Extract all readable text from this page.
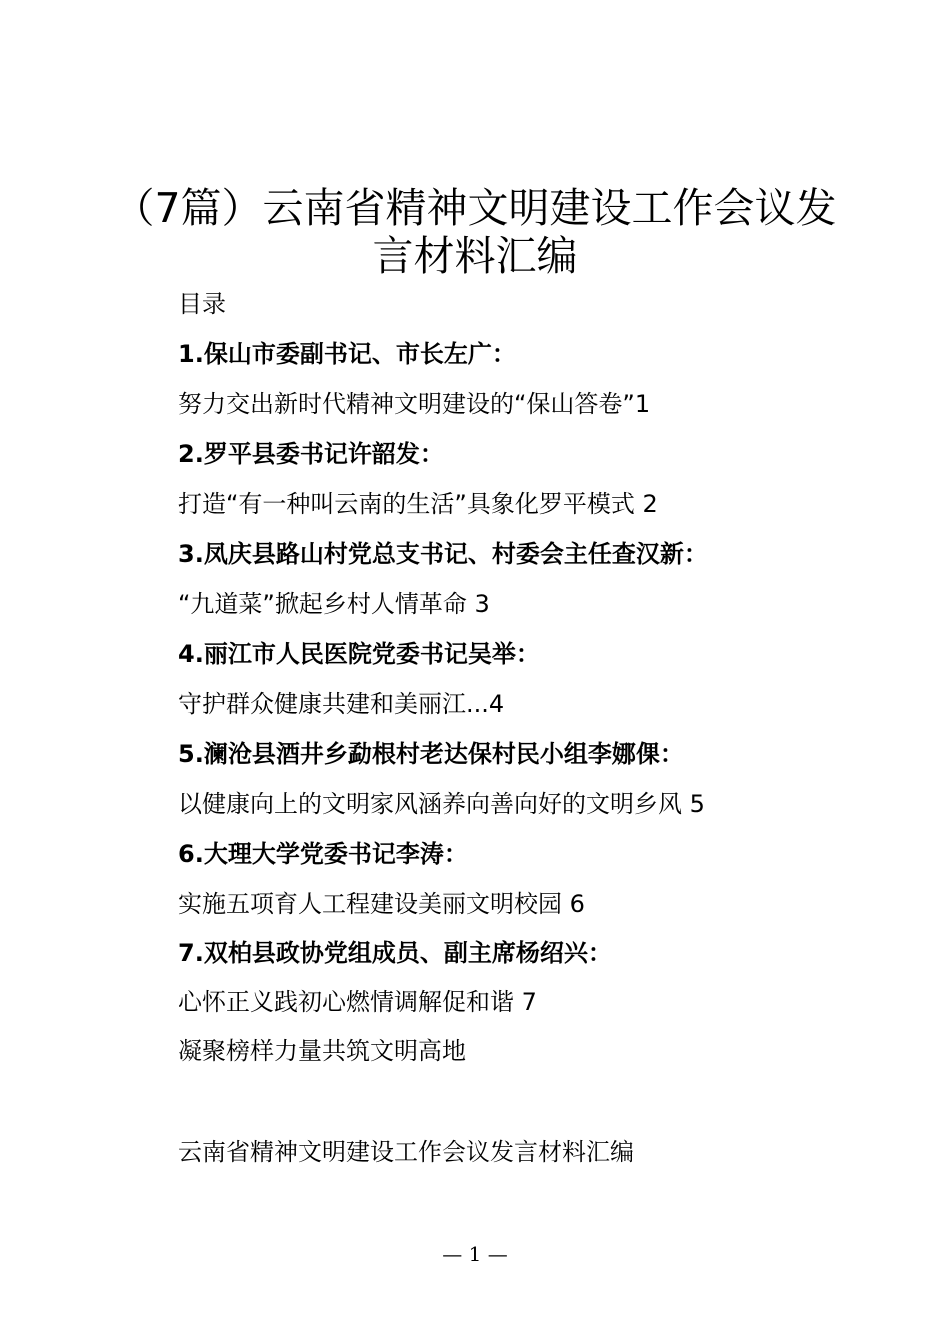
（7篇）云南省精神文明建设工作会议发
言材料汇编
目录
1.保山市委副书记、市长左广：
努力交出新时代精神文明建设的“保山答卷”1
2.罗平县委书记许韶发：
打造“有一种叫云南的生活”具象化罗平模式 2
3.凤庆县路山村党总支书记、村委会主任查汉新：
“九道菜”掀起乡村人情革命 3
4.丽江市人民医院党委书记吴举：
守护群众健康共建和美丽江...4
5.澜沧县酒井乡勐根村老达保村民小组李娜倮：
以健康向上的文明家风涵养向善向好的文明乡风 5
6.大理大学党委书记李涛：
实施五项育人工程建设美丽文明校园 6
7.双柏县政协党组成员、副主席杨绍兴：
心怀正义践初心燃情调解促和谐 7
凝聚榜样力量共筑文明高地
云南省精神文明建设工作会议发言材料汇编
— 1 —
